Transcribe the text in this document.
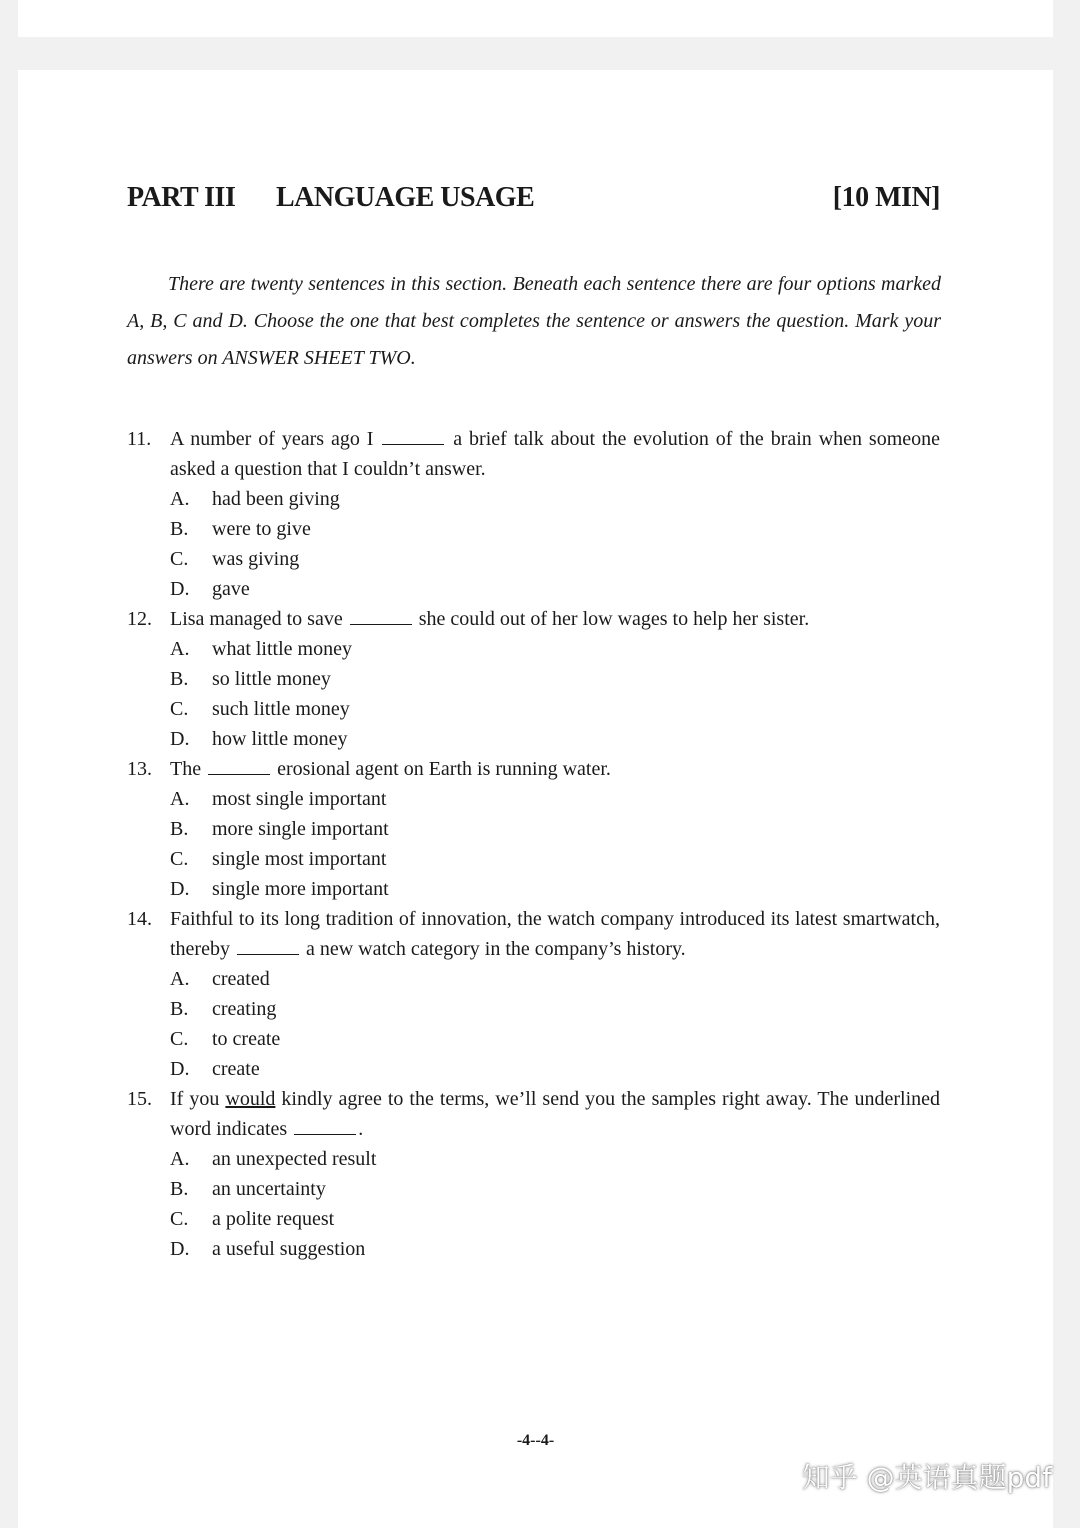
PART III LANGUAGE USAGE	[10 MIN]
There are twenty sentences in this section. Beneath each sentence there are four options marked A, B, C and D. Choose the one that best completes the sentence or answers the question. Mark your answers on ANSWER SHEET TWO.
11. A number of years ago I	a brief talk about the evolution of the brain when someone asked a question that I couldn’t answer.
A. had been giving
B. were to give
C. was giving
D. gave
12. Lisa managed to save	she could out of her low wages to help her sister.
A. what little money
B. so little money
C. such little money
D. how little money
13. The	erosional agent on Earth is running water.
A. most single important
B. more single important
C. single most important
D. single more important
14. Faithful to its long tradition of innovation, the watch company introduced its latest smartwatch, thereby	a new watch category in the company’s history.
A. created
B. creating
C. to create
D. create
15. If you would kindly agree to the terms, we’ll send you the samples right away. The underlined word indicates	.
A. an unexpected result
B. an uncertainty
C. a polite request
D. a useful suggestion
-4--4-
知乎 @英语真题pdf
